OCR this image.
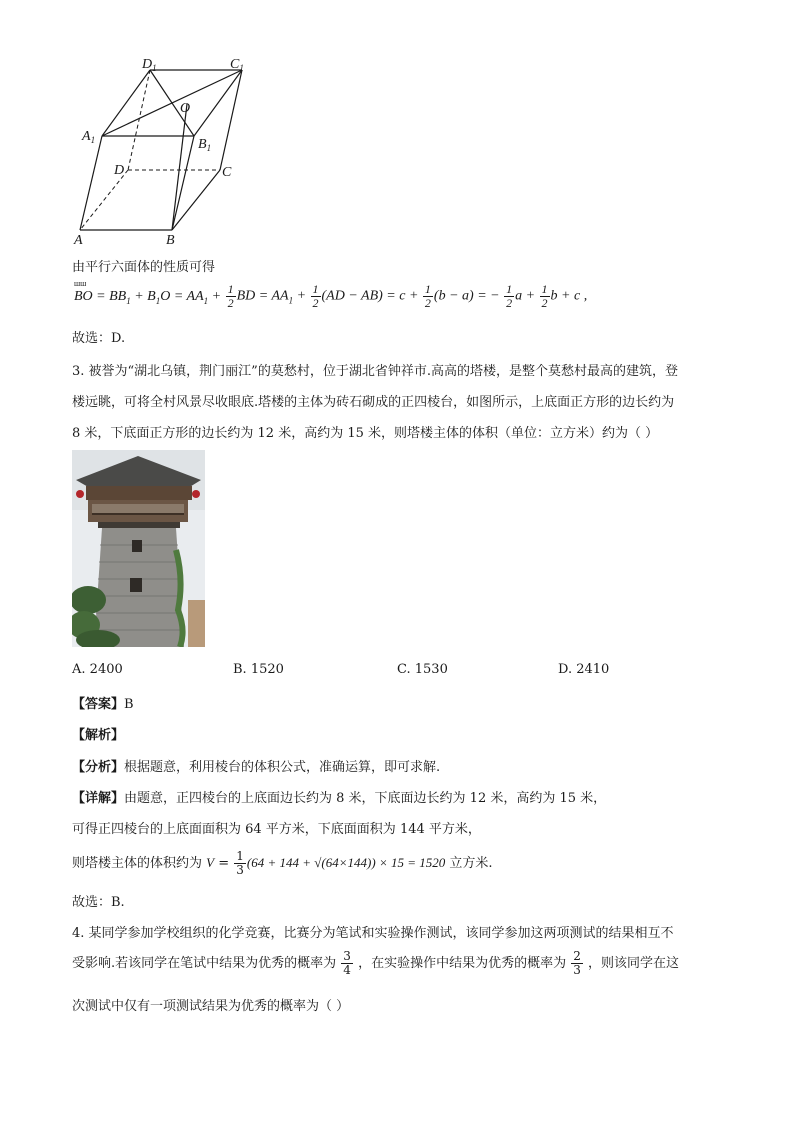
$D_1$	$C_1$
$A_1$	$B_1$
O
D	C
A	B
由平行六面体的性质可得
ш ш
BO = $BB_1 + B_1O = AA_1 + \frac{1}{2}$ BD = $AA_1 + \frac{1}{2} (AD - AB) = c + \frac{1}{2} (b - a)$ = − $\frac{1}{2}$ $a + \frac{1}{2}$ b + c ,
故选：D.
3. 被誉为“湖北乌镇，荆门丽江”的莫愁村，位于湖北省钟祥市.高高的塔楼，是整个莫愁村最高的建筑，登
楼远眺，可将全村风景尽收眼底.塔楼的主体为砖石砌成的正四棱台，如图所示，上底面正方形的边长约为
8 米，下底面正方形的边长约为 12 米，高约为 15 米，则塔楼主体的体积（单位：立方米）约为（ ）
A. 2400	B. 1520	C. 1530	D. 2410
【答案】B
【解析】
【分析】根据题意，利用棱台的体积公式，准确运算，即可求解.
【详解】由题意，正四棱台的上底面边长约为 8 米，下底面边长约为 12 米，高约为 15 米，
可得正四棱台的上底面面积为 64 平方米，下底面面积为 144 平方米，
则塔楼主体的体积约为 $V = \frac{1}{3} (64 + 144 + √(64\times 144)) \times 15 = 1520$ 立方米.
故选：B.
4. 某同学参加学校组织的化学竞赛，比赛分为笔试和实验操作测试，该同学参加这两项测试的结果相互不
受影响.若该同学在笔试中结果为优秀的概率为 $\frac{3}{4}$ ，在实验操作中结果为优秀的概率为 $\frac{2}{3}$ ，则该同学在这
次测试中仅有一项测试结果为优秀的概率为（ ）
